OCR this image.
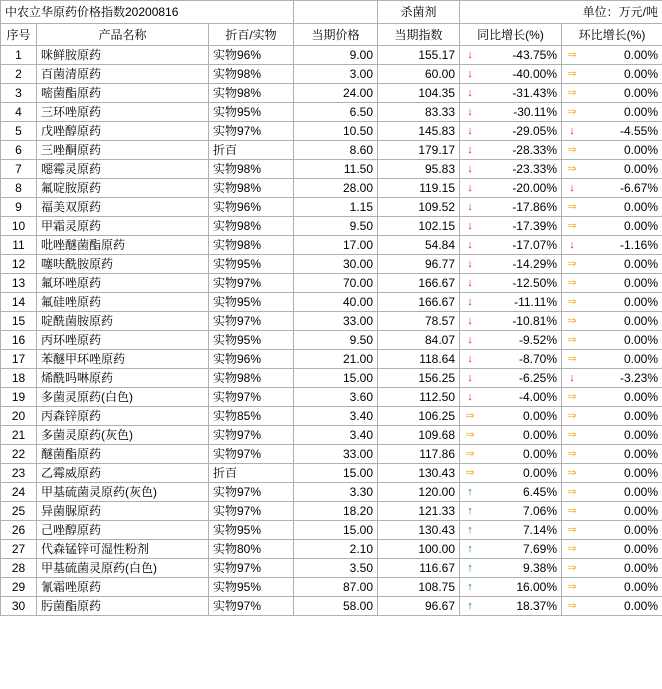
中农立华原药价格指数20200816				杀菌剂	单位：万元/吨	
序号	产品名称	折百/实物	当期价格	当期指数	同比增长(%)	环比增长(%)
1	咪鲜胺原药	实物96%	9.00	155.17	↓ -43.75%	⇒ 0.00%
2	百菌清原药	实物98%	3.00	60.00	↓ -40.00%	⇒ 0.00%
3	嘧菌酯原药	实物98%	24.00	104.35	↓ -31.43%	⇒ 0.00%
4	三环唑原药	实物95%	6.50	83.33	↓ -30.11%	⇒ 0.00%
5	戊唑醇原药	实物97%	10.50	145.83	↓ -29.05%	↓ -4.55%
6	三唑酮原药	折百	8.60	179.17	↓ -28.33%	⇒ 0.00%
7	噁霉灵原药	实物98%	11.50	95.83	↓ -23.33%	⇒ 0.00%
8	氟啶胺原药	实物98%	28.00	119.15	↓ -20.00%	↓ -6.67%
9	福美双原药	实物96%	1.15	109.52	↓ -17.86%	⇒ 0.00%
10	甲霜灵原药	实物98%	9.50	102.15	↓ -17.39%	⇒ 0.00%
11	吡唑醚菌酯原药	实物98%	17.00	54.84	↓ -17.07%	↓ -1.16%
12	噻呋酰胺原药	实物95%	30.00	96.77	↓ -14.29%	⇒ 0.00%
13	氟环唑原药	实物97%	70.00	166.67	↓ -12.50%	⇒ 0.00%
14	氟硅唑原药	实物95%	40.00	166.67	↓ -11.11%	⇒ 0.00%
15	啶酰菌胺原药	实物97%	33.00	78.57	↓ -10.81%	⇒ 0.00%
16	丙环唑原药	实物95%	9.50	84.07	↓ -9.52%	⇒ 0.00%
17	苯醚甲环唑原药	实物96%	21.00	118.64	↓ -8.70%	⇒ 0.00%
18	烯酰吗啉原药	实物98%	15.00	156.25	↓ -6.25%	↓ -3.23%
19	多菌灵原药(白色)	实物97%	3.60	112.50	↓ -4.00%	⇒ 0.00%
20	丙森锌原药	实物85%	3.40	106.25	⇒ 0.00%	⇒ 0.00%
21	多菌灵原药(灰色)	实物97%	3.40	109.68	⇒ 0.00%	⇒ 0.00%
22	醚菌酯原药	实物97%	33.00	117.86	⇒ 0.00%	⇒ 0.00%
23	乙霉威原药	折百	15.00	130.43	⇒ 0.00%	⇒ 0.00%
24	甲基硫菌灵原药(灰色)	实物97%	3.30	120.00	↑ 6.45%	⇒ 0.00%
25	异菌脲原药	实物97%	18.20	121.33	↑ 7.06%	⇒ 0.00%
26	己唑醇原药	实物95%	15.00	130.43	↑ 7.14%	⇒ 0.00%
27	代森锰锌可湿性粉剂	实物80%	2.10	100.00	↑ 7.69%	⇒ 0.00%
28	甲基硫菌灵原药(白色)	实物97%	3.50	116.67	↑ 9.38%	⇒ 0.00%
29	氰霜唑原药	实物95%	87.00	108.75	↑ 16.00%	⇒ 0.00%
30	肟菌酯原药	实物97%	58.00	96.67	↑ 18.37%	⇒ 0.00%
